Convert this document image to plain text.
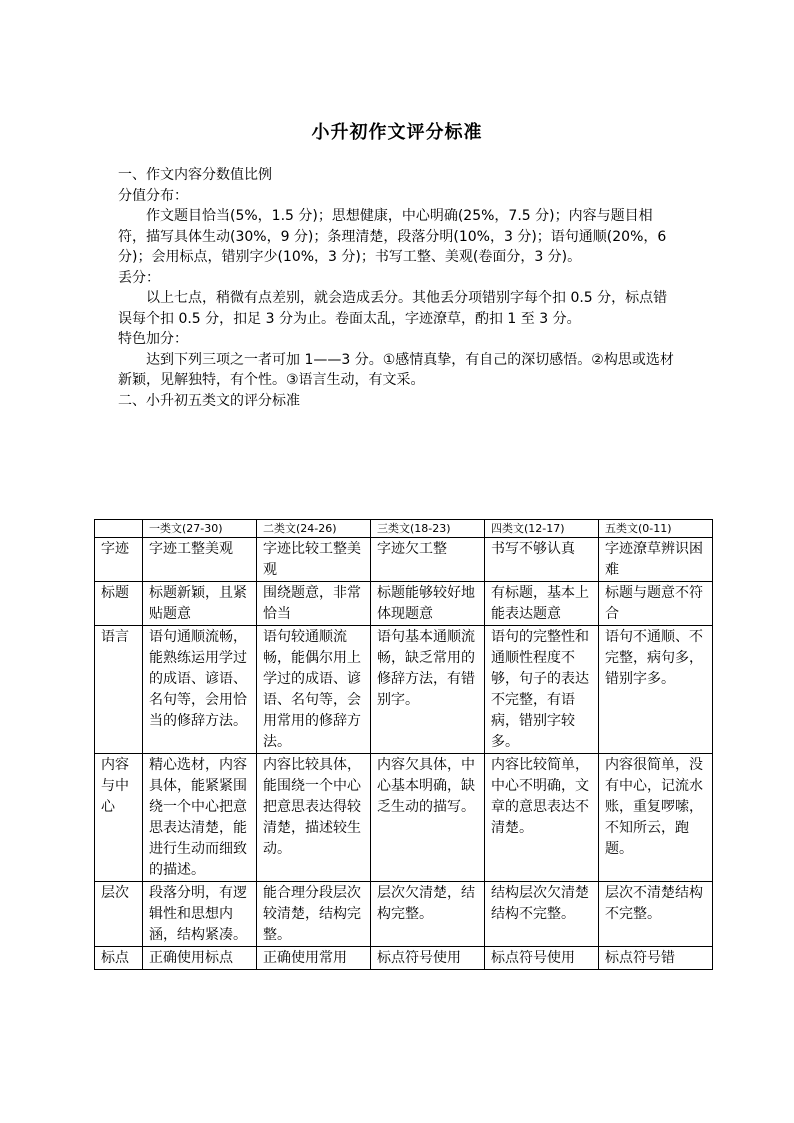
小升初作文评分标准

一、作文内容分数值比例

分值分布：

作文题目恰当(5%，1.5 分)；思想健康，中心明确(25%，7.5 分)；内容与题目相符，描写具体生动(30%，9 分)；条理清楚，段落分明(10%，3 分)；语句通顺(20%，6 分)；会用标点，错别字少(10%，3 分)；书写工整、美观(卷面分，3 分)。

丢分：

以上七点，稍微有点差别，就会造成丢分。其他丢分项错别字每个扣 0.5 分，标点错误每个扣 0.5 分，扣足 3 分为止。卷面太乱，字迹潦草，酌扣 1 至 3 分。

特色加分：

达到下列三项之一者可加 1——3 分。①感情真挚，有自己的深切感悟。②构思或选材新颖，见解独特，有个性。③语言生动，有文采。

二、小升初五类文的评分标准

	一类文(27-30)	二类文(24-26)	三类文(18-23)	四类文(12-17)	五类文(0-11)
字迹	字迹工整美观	字迹比较工整美观	字迹欠工整	书写不够认真	字迹潦草辨识困难
标题	标题新颖，且紧贴题意	围绕题意，非常恰当	标题能够较好地体现题意	有标题，基本上能表达题意	标题与题意不符合
语言	语句通顺流畅，能熟练运用学过的成语、谚语、名句等，会用恰当的修辞方法。	语句较通顺流畅，能偶尔用上学过的成语、谚语、名句等，会用常用的修辞方法。	语句基本通顺流畅，缺乏常用的修辞方法，有错别字。	语句的完整性和通顺性程度不够，句子的表达不完整，有语病，错别字较多。	语句不通顺、不完整，病句多，错别字多。
内容与中心	精心选材，内容具体，能紧紧围绕一个中心把意思表达清楚，能进行生动而细致的描述。	内容比较具体，能围绕一个中心把意思表达得较清楚，描述较生动。	内容欠具体，中心基本明确，缺乏生动的描写。	内容比较简单，中心不明确，文章的意思表达不清楚。	内容很简单，没有中心，记流水账，重复啰嗦，不知所云，跑题。
层次	段落分明，有逻辑性和思想内涵，结构紧凑。	能合理分段层次较清楚，结构完整。	层次欠清楚，结构完整。	结构层次欠清楚结构不完整。	层次不清楚结构不完整。
标点	正确使用标点	正确使用常用	标点符号使用	标点符号使用	标点符号错
